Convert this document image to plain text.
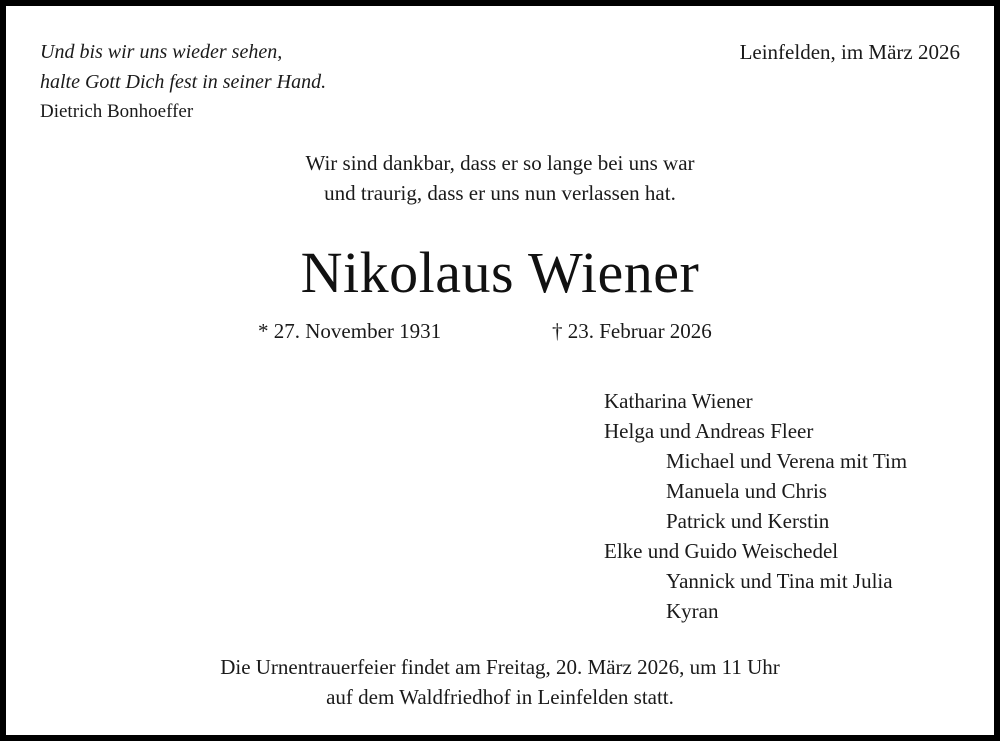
Und bis wir uns wieder sehen,
halte Gott Dich fest in seiner Hand.
Dietrich Bonhoeffer
Leinfelden, im März 2026
Wir sind dankbar, dass er so lange bei uns war
und traurig, dass er uns nun verlassen hat.
Nikolaus Wiener
* 27. November 1931	† 23. Februar 2026
Katharina Wiener
Helga und Andreas Fleer
Michael und Verena mit Tim
Manuela und Chris
Patrick und Kerstin
Elke und Guido Weischedel
Yannick und Tina mit Julia
Kyran
Die Urnentrauerfeier findet am Freitag, 20. März 2026, um 11 Uhr
auf dem Waldfriedhof in Leinfelden statt.
